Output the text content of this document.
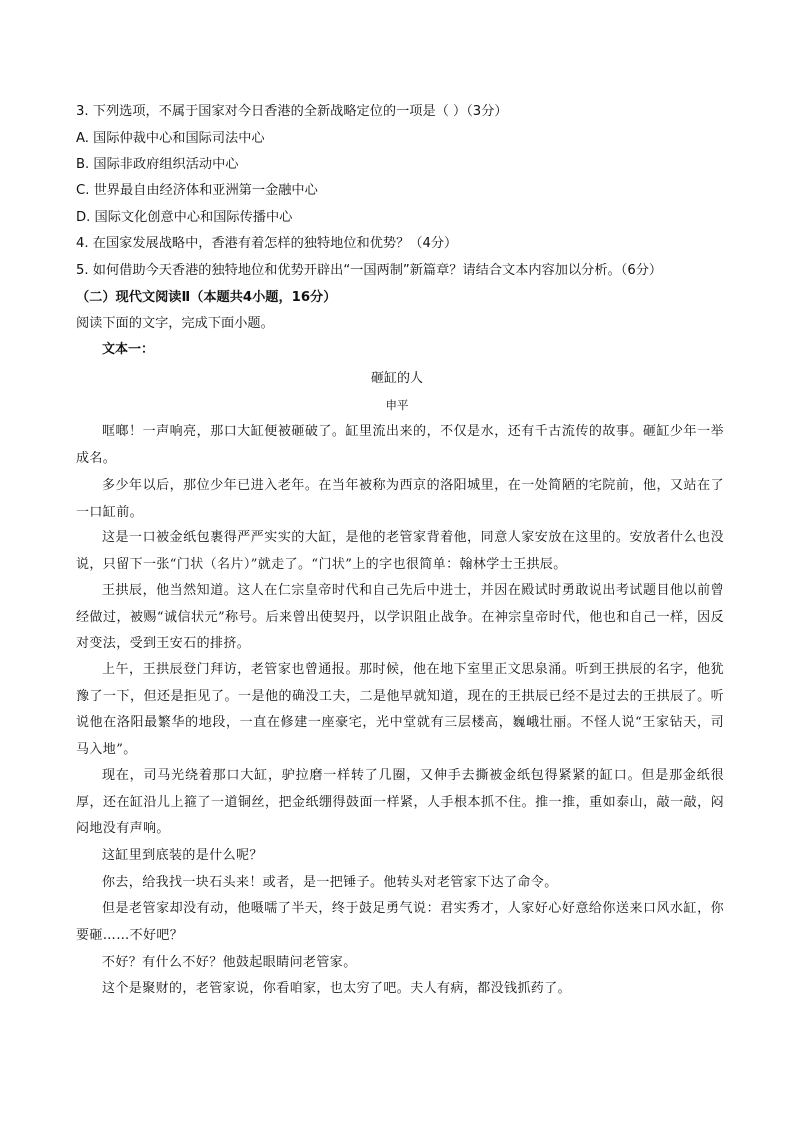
3. 下列选项，不属于国家对今日香港的全新战略定位的一项是（ ）（3分）
A. 国际仲裁中心和国际司法中心
B. 国际非政府组织活动中心
C. 世界最自由经济体和亚洲第一金融中心
D. 国际文化创意中心和国际传播中心
4. 在国家发展战略中，香港有着怎样的独特地位和优势？（4分）
5. 如何借助今天香港的独特地位和优势开辟出“一国两制”新篇章？请结合文本内容加以分析。（6分）
（二）现代文阅读Ⅱ（本题共4小题，16分）
阅读下面的文字，完成下面小题。
文本一：
砸缸的人
申平
哐啷！一声响亮，那口大缸便被砸破了。缸里流出来的，不仅是水，还有千古流传的故事。砸缸少年一举成名。
多少年以后，那位少年已进入老年。在当年被称为西京的洛阳城里，在一处简陋的宅院前，他，又站在了一口缸前。
这是一口被金纸包裹得严严实实的大缸，是他的老管家背着他，同意人家安放在这里的。安放者什么也没说，只留下一张“门状（名片）”就走了。“门状”上的字也很简单：翰林学士王拱辰。
王拱辰，他当然知道。这人在仁宗皇帝时代和自己先后中进士，并因在殿试时勇敢说出考试题目他以前曾经做过，被赐“诚信状元”称号。后来曾出使契丹，以学识阻止战争。在神宗皇帝时代，他也和自己一样，因反对变法，受到王安石的排挤。
上午，王拱辰登门拜访，老管家也曾通报。那时候，他在地下室里正文思泉涌。听到王拱辰的名字，他犹豫了一下，但还是拒见了。一是他的确没工夫，二是他早就知道，现在的王拱辰已经不是过去的王拱辰了。听说他在洛阳最繁华的地段，一直在修建一座豪宅，光中堂就有三层楼高，巍峨壮丽。不怪人说“王家钻天，司马入地”。
现在，司马光绕着那口大缸，驴拉磨一样转了几圈，又伸手去撕被金纸包得紧紧的缸口。但是那金纸很厚，还在缸沿儿上箍了一道铜丝，把金纸绷得鼓面一样紧，人手根本抓不住。推一推，重如泰山，敲一敲，闷闷地没有声响。
这缸里到底装的是什么呢？
你去，给我找一块石头来！或者，是一把锤子。他转头对老管家下达了命令。
但是老管家却没有动，他嗫嚅了半天，终于鼓足勇气说：君实秀才，人家好心好意给你送来口风水缸，你要砸……不好吧？
不好？有什么不好？他鼓起眼睛问老管家。
这个是聚财的，老管家说，你看咱家，也太穷了吧。夫人有病，都没钱抓药了。
